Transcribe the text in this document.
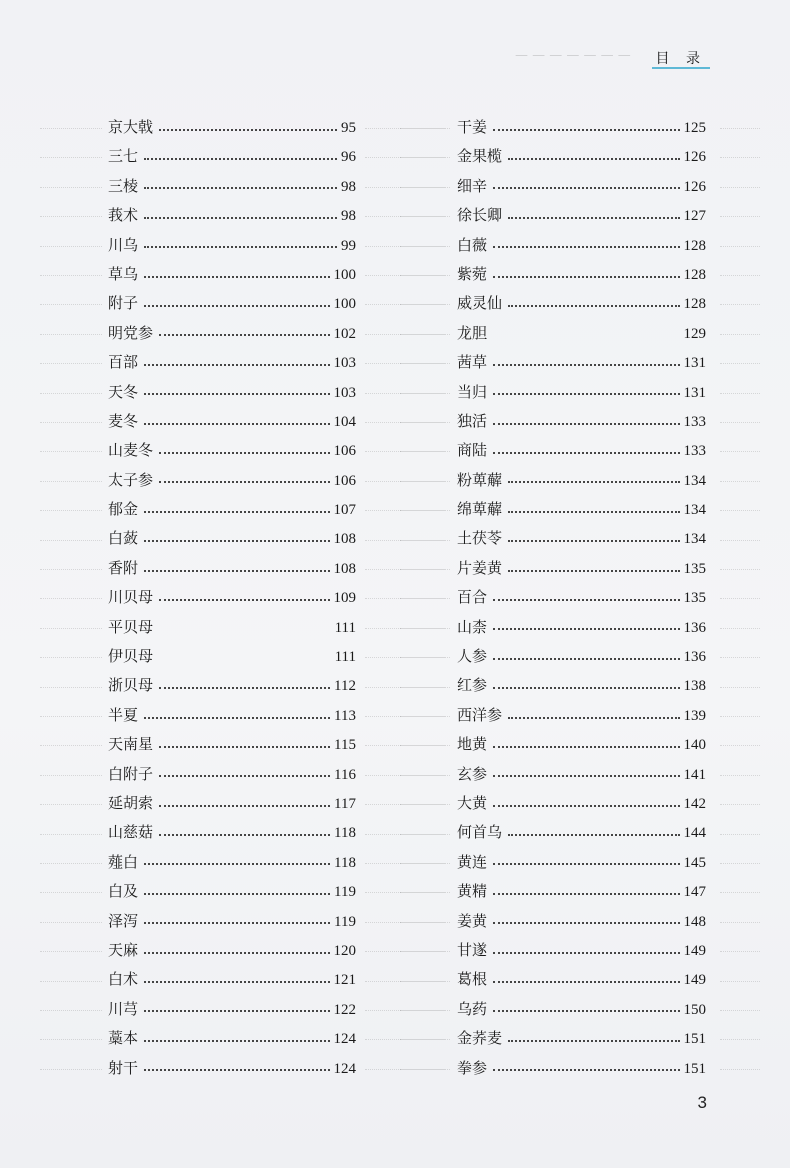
— — — — — — — 目 录
京大戟	95
三七	96
三棱	98
莪术	98
川乌	99
草乌	100
附子	100
明党参	102
百部	103
天冬	103
麦冬	104
山麦冬	106
太子参	106
郁金	107
白蔹	108
香附	108
川贝母	109
平贝母	111
伊贝母	111
浙贝母	112
半夏	113
天南星	115
白附子	116
延胡索	117
山慈菇	118
薤白	118
白及	119
泽泻	119
天麻	120
白术	121
川芎	122
藁本	124
射干	124
干姜	125
金果榄	126
细辛	126
徐长卿	127
白薇	128
紫菀	128
威灵仙	128
龙胆	129
茜草	131
当归	131
独活	133
商陆	133
粉萆薢	134
绵萆薢	134
土茯苓	134
片姜黄	135
百合	135
山柰	136
人参	136
红参	138
西洋参	139
地黄	140
玄参	141
大黄	142
何首乌	144
黄连	145
黄精	147
姜黄	148
甘遂	149
葛根	149
乌药	150
金荞麦	151
拳参	151
3
